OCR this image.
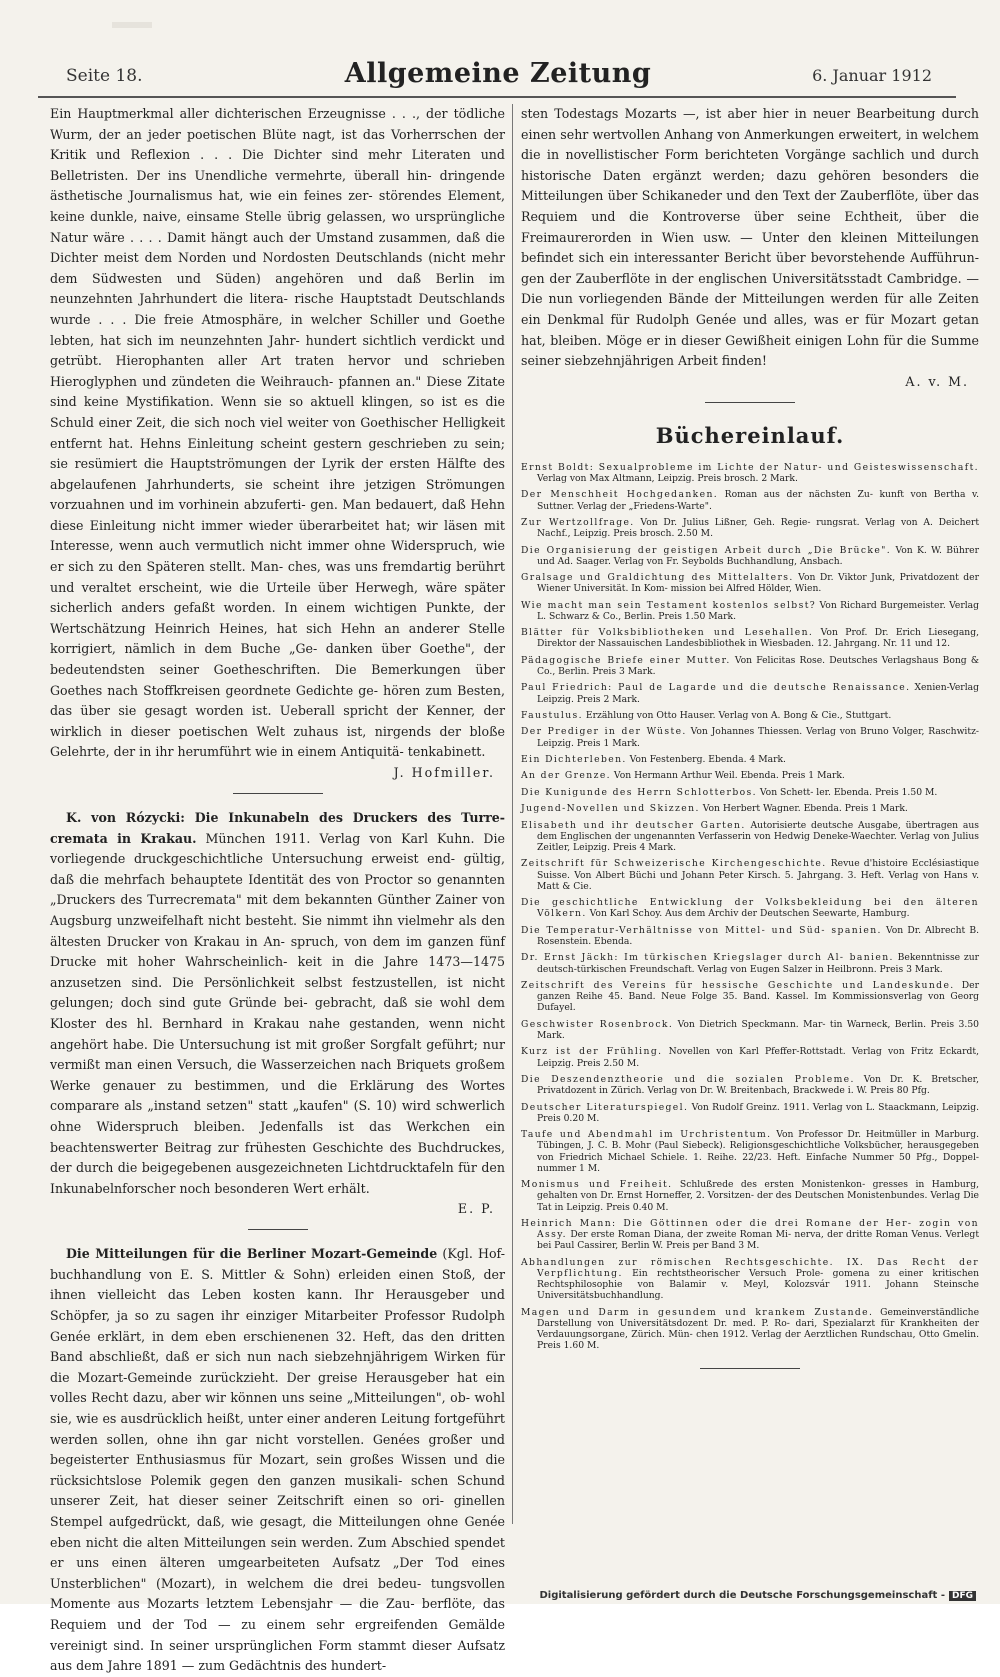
Seite 18.	Allgemeine Zeitung	6. Januar 1912

Ein Hauptmerkmal aller dichterischen Erzeugnisse . . ., der tödliche Wurm, der an jeder poetischen Blüte nagt, ist das Vorherrschen der Kritik und Reflexion . . . Die Dichter sind mehr Literaten und Belletristen. Der ins Unendliche vermehrte, überall hin- dringende ästhetische Journalismus hat, wie ein feines zer- störendes Element, keine dunkle, naive, einsame Stelle übrig gelassen, wo ursprüngliche Natur wäre . . . . Damit hängt auch der Umstand zusammen, daß die Dichter meist dem Norden und Nordosten Deutschlands (nicht mehr dem Südwesten und Süden) angehören und daß Berlin im neunzehnten Jahrhundert die litera- rische Hauptstadt Deutschlands wurde . . . Die freie Atmosphäre, in welcher Schiller und Goethe lebten, hat sich im neunzehnten Jahr- hundert sichtlich verdickt und getrübt. Hierophanten aller Art traten hervor und schrieben Hieroglyphen und zündeten die Weihrauch- pfannen an." Diese Zitate sind keine Mystifikation. Wenn sie so aktuell klingen, so ist es die Schuld einer Zeit, die sich noch viel weiter von Goethischer Helligkeit entfernt hat. Hehns Einleitung scheint gestern geschrieben zu sein; sie resümiert die Hauptströmungen der Lyrik der ersten Hälfte des abgelaufenen Jahrhunderts, sie scheint ihre jetzigen Strömungen vorzuahnen und im vorhinein abzuferti- gen. Man bedauert, daß Hehn diese Einleitung nicht immer wieder überarbeitet hat; wir läsen mit Interesse, wenn auch vermutlich nicht immer ohne Widerspruch, wie er sich zu den Späteren stellt. Man- ches, was uns fremdartig berührt und veraltet erscheint, wie die Urteile über Herwegh, wäre später sicherlich anders gefaßt worden. In einem wichtigen Punkte, der Wertschätzung Heinrich Heines, hat sich Hehn an anderer Stelle korrigiert, nämlich in dem Buche „Ge- danken über Goethe", der bedeutendsten seiner Goetheschriften. Die Bemerkungen über Goethes nach Stoffkreisen geordnete Gedichte ge- hören zum Besten, das über sie gesagt worden ist. Ueberall spricht der Kenner, der wirklich in dieser poetischen Welt zuhaus ist, nirgends der bloße Gelehrte, der in ihr herumführt wie in einem Antiquitä- tenkabinett.

J. Hofmiller.

K. von Rózycki: Die Inkunabeln des Druckers des Turre- cremata in Krakau. München 1911. Verlag von Karl Kuhn. Die vorliegende druckgeschichtliche Untersuchung erweist end- gültig, daß die mehrfach behauptete Identität des von Proctor so genannten „Druckers des Turrecremata" mit dem bekannten Günther Zainer von Augsburg unzweifelhaft nicht besteht. Sie nimmt ihn vielmehr als den ältesten Drucker von Krakau in An- spruch, von dem im ganzen fünf Drucke mit hoher Wahrscheinlich- keit in die Jahre 1473—1475 anzusetzen sind. Die Persönlichkeit selbst festzustellen, ist nicht gelungen; doch sind gute Gründe bei- gebracht, daß sie wohl dem Kloster des hl. Bernhard in Krakau nahe gestanden, wenn nicht angehört habe. Die Untersuchung ist mit großer Sorgfalt geführt; nur vermißt man einen Versuch, die Wasserzeichen nach Briquets großem Werke genauer zu bestimmen, und die Erklärung des Wortes comparare als „instand setzen" statt „kaufen" (S. 10) wird schwerlich ohne Widerspruch bleiben. Jedenfalls ist das Werkchen ein beachtenswerter Beitrag zur frühesten Geschichte des Buchdruckes, der durch die beigegebenen ausgezeichneten Lichtdrucktafeln für den Inkunabelnforscher noch besonderen Wert erhält.

E. P.

Die Mitteilungen für die Berliner Mozart-Gemeinde (Kgl. Hof- buchhandlung von E. S. Mittler & Sohn) erleiden einen Stoß, der ihnen vielleicht das Leben kosten kann. Ihr Herausgeber und Schöpfer, ja so zu sagen ihr einziger Mitarbeiter Professor Rudolph Genée erklärt, in dem eben erschienenen 32. Heft, das den dritten Band abschließt, daß er sich nun nach siebzehnjährigem Wirken für die Mozart-Gemeinde zurückzieht. Der greise Herausgeber hat ein volles Recht dazu, aber wir können uns seine „Mitteilungen", ob- wohl sie, wie es ausdrücklich heißt, unter einer anderen Leitung fortgeführt werden sollen, ohne ihn gar nicht vorstellen. Genées großer und begeisterter Enthusiasmus für Mozart, sein großes Wissen und die rücksichtslose Polemik gegen den ganzen musikali- schen Schund unserer Zeit, hat dieser seiner Zeitschrift einen so ori- ginellen Stempel aufgedrückt, daß, wie gesagt, die Mitteilungen ohne Genée eben nicht die alten Mitteilungen sein werden. Zum Abschied spendet er uns einen älteren umgearbeiteten Aufsatz „Der Tod eines Unsterblichen" (Mozart), in welchem die drei bedeu- tungsvollen Momente aus Mozarts letztem Lebensjahr — die Zau- berflöte, das Requiem und der Tod — zu einem sehr ergreifenden Gemälde vereinigt sind. In seiner ursprünglichen Form stammt dieser Aufsatz aus dem Jahre 1891 — zum Gedächtnis des hundert-

sten Todestags Mozarts —, ist aber hier in neuer Bearbeitung durch einen sehr wertvollen Anhang von Anmerkungen erweitert, in welchem die in novellistischer Form berichteten Vorgänge sachlich und durch historische Daten ergänzt werden; dazu gehören besonders die Mitteilungen über Schikaneder und den Text der Zauberflöte, über das Requiem und die Kontroverse über seine Echtheit, über die Freimaurerorden in Wien usw. — Unter den kleinen Mitteilungen befindet sich ein interessanter Bericht über bevorstehende Aufführun- gen der Zauberflöte in der englischen Universitätsstadt Cambridge. — Die nun vorliegenden Bände der Mitteilungen werden für alle Zeiten ein Denkmal für Rudolph Genée und alles, was er für Mozart getan hat, bleiben. Möge er in dieser Gewißheit einigen Lohn für die Summe seiner siebzehnjährigen Arbeit finden!

A. v. M.

Büchereinlauf.
Ernst Boldt: Sexualprobleme im Lichte der Natur- und Geisteswissenschaft. Verlag von Max Altmann, Leipzig. Preis brosch. 2 Mark.
Der Menschheit Hochgedanken. Roman aus der nächsten Zu- kunft von Bertha v. Suttner. Verlag der „Friedens-Warte".
Zur Wertzollfrage. Von Dr. Julius Lißner, Geh. Regie- rungsrat. Verlag von A. Deichert Nachf., Leipzig. Preis brosch. 2.50 M.
Die Organisierung der geistigen Arbeit durch „Die Brücke". Von K. W. Bührer und Ad. Saager. Verlag von Fr. Seybolds Buchhandlung, Ansbach.
Gralsage und Graldichtung des Mittelalters. Von Dr. Viktor Junk, Privatdozent der Wiener Universität. In Kom- mission bei Alfred Hölder, Wien.
Wie macht man sein Testament kostenlos selbst? Von Richard Burgemeister. Verlag L. Schwarz & Co., Berlin. Preis 1.50 Mark.
Blätter für Volksbibliotheken und Lesehallen. Von Prof. Dr. Erich Liesegang, Direktor der Nassauischen Landesbibliothek in Wiesbaden. 12. Jahrgang. Nr. 11 und 12.
Pädagogische Briefe einer Mutter. Von Felicitas Rose. Deutsches Verlagshaus Bong & Co., Berlin. Preis 3 Mark.
Paul Friedrich: Paul de Lagarde und die deutsche Renaissance. Xenien-Verlag Leipzig. Preis 2 Mark.
Faustulus. Erzählung von Otto Hauser. Verlag von A. Bong & Cie., Stuttgart.
Der Prediger in der Wüste. Von Johannes Thiessen. Verlag von Bruno Volger, Raschwitz-Leipzig. Preis 1 Mark.
Ein Dichterleben. Von Festenberg. Ebenda. 4 Mark.
An der Grenze. Von Hermann Arthur Weil. Ebenda. Preis 1 Mark.
Die Kunigunde des Herrn Schlotterbos. Von Schett- ler. Ebenda. Preis 1.50 M.
Jugend-Novellen und Skizzen. Von Herbert Wagner. Ebenda. Preis 1 Mark.
Elisabeth und ihr deutscher Garten. Autorisierte deutsche Ausgabe, übertragen aus dem Englischen der ungenannten Verfasserin von Hedwig Deneke-Waechter. Verlag von Julius Zeitler, Leipzig. Preis 4 Mark.
Zeitschrift für Schweizerische Kirchengeschichte. Revue d'histoire Ecclésiastique Suisse. Von Albert Büchi und Johann Peter Kirsch. 5. Jahrgang. 3. Heft. Verlag von Hans v. Matt & Cie.
Die geschichtliche Entwicklung der Volksbekleidung bei den älteren Völkern. Von Karl Schoy. Aus dem Archiv der Deutschen Seewarte, Hamburg.
Die Temperatur-Verhältnisse von Mittel- und Süd- spanien. Von Dr. Albrecht B. Rosenstein. Ebenda.
Dr. Ernst Jäckh: Im türkischen Kriegslager durch Al- banien. Bekenntnisse zur deutsch-türkischen Freundschaft. Verlag von Eugen Salzer in Heilbronn. Preis 3 Mark.
Zeitschrift des Vereins für hessische Geschichte und Landeskunde. Der ganzen Reihe 45. Band. Neue Folge 35. Band. Kassel. Im Kommissionsverlag von Georg Dufayel.
Geschwister Rosenbrock. Von Dietrich Speckmann. Mar- tin Warneck, Berlin. Preis 3.50 Mark.
Kurz ist der Frühling. Novellen von Karl Pfeffer-Rottstadt. Verlag von Fritz Eckardt, Leipzig. Preis 2.50 M.
Die Deszendenztheorie und die sozialen Probleme. Von Dr. K. Bretscher, Privatdozent in Zürich. Verlag von Dr. W. Breitenbach, Brackwede i. W. Preis 80 Pfg.
Deutscher Literaturspiegel. Von Rudolf Greinz. 1911. Verlag von L. Staackmann, Leipzig. Preis 0.20 M.
Taufe und Abendmahl im Urchristentum. Von Professor Dr. Heitmüller in Marburg. Tübingen, J. C. B. Mohr (Paul Siebeck). Religionsgeschichtliche Volksbücher, herausgegeben von Friedrich Michael Schiele. 1. Reihe. 22/23. Heft. Einfache Nummer 50 Pfg., Doppel- nummer 1 M.
Monismus und Freiheit. Schlußrede des ersten Monistenkon- gresses in Hamburg, gehalten von Dr. Ernst Horneffer, 2. Vorsitzen- der des Deutschen Monistenbundes. Verlag Die Tat in Leipzig. Preis 0.40 M.
Heinrich Mann: Die Göttinnen oder die drei Romane der Her- zogin von Assy. Der erste Roman Diana, der zweite Roman Mi- nerva, der dritte Roman Venus. Verlegt bei Paul Cassirer, Berlin W. Preis per Band 3 M.
Abhandlungen zur römischen Rechtsgeschichte. IX. Das Recht der Verpflichtung. Ein rechtstheorischer Versuch Prole- gomena zu einer kritischen Rechtsphilosophie von Balamir v. Meyl, Kolozsvár 1911. Johann Steinsche Universitätsbuchhandlung.
Magen und Darm in gesundem und krankem Zustande. Gemeinverständliche Darstellung von Universitätsdozent Dr. med. P. Ro- dari, Spezialarzt für Krankheiten der Verdauungsorgane, Zürich. Mün- chen 1912. Verlag der Aerztlichen Rundschau, Otto Gmelin. Preis 1.60 M.
Digitalisierung gefördert durch die Deutsche Forschungsgemeinschaft - DFG
